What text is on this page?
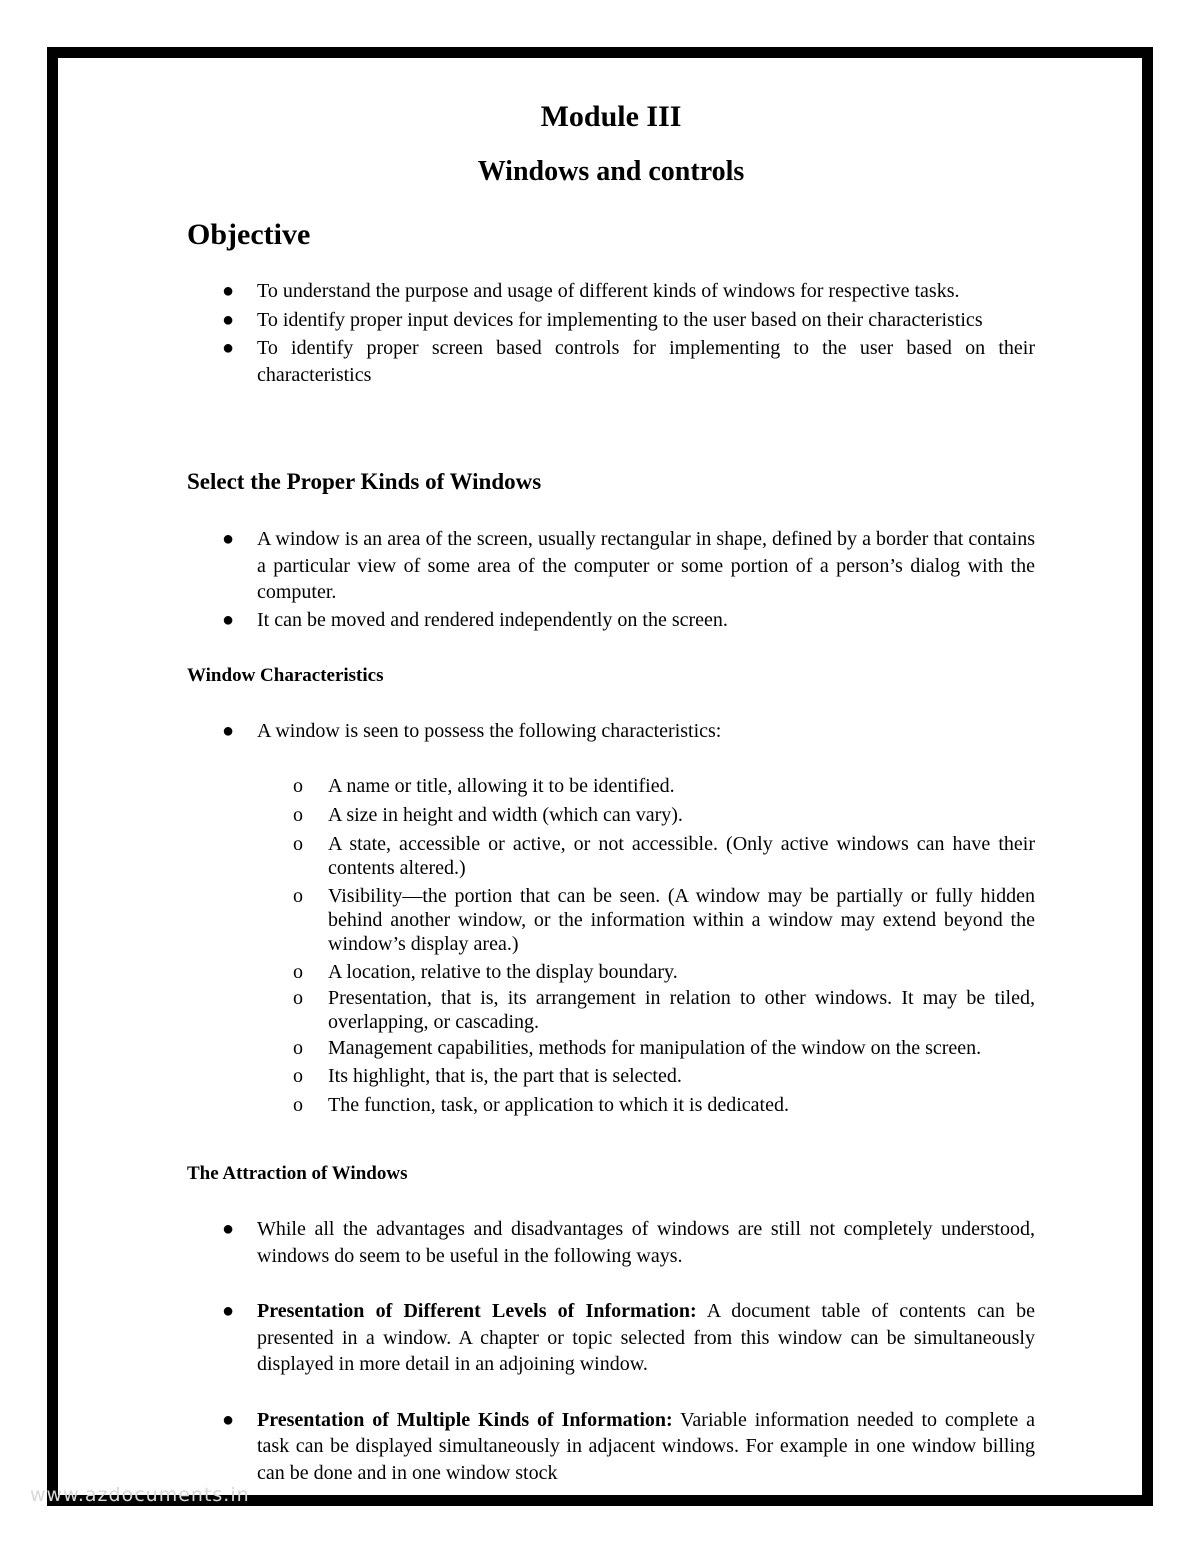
Module III
Windows and controls
Objective
● To understand the purpose and usage of different kinds of windows for respective tasks.
● To identify proper input devices for implementing to the user based on their characteristics
● To identify proper screen based controls for implementing to the user based on their characteristics
Select the Proper Kinds of Windows
● A window is an area of the screen, usually rectangular in shape, defined by a border that contains a particular view of some area of the computer or some portion of a person’s dialog with the computer.
● It can be moved and rendered independently on the screen.
Window Characteristics
● A window is seen to possess the following characteristics:
o A name or title, allowing it to be identified.
o A size in height and width (which can vary).
o A state, accessible or active, or not accessible. (Only active windows can have their contents altered.)
o Visibility—the portion that can be seen. (A window may be partially or fully hidden behind another window, or the information within a window may extend beyond the window’s display area.)
o A location, relative to the display boundary.
o Presentation, that is, its arrangement in relation to other windows. It may be tiled, overlapping, or cascading.
o Management capabilities, methods for manipulation of the window on the screen.
o Its highlight, that is, the part that is selected.
o The function, task, or application to which it is dedicated.
The Attraction of Windows
● While all the advantages and disadvantages of windows are still not completely understood, windows do seem to be useful in the following ways.
● Presentation of Different Levels of Information: A document table of contents can be presented in a window. A chapter or topic selected from this window can be simultaneously displayed in more detail in an adjoining window.
● Presentation of Multiple Kinds of Information: Variable information needed to complete a task can be displayed simultaneously in adjacent windows. For example in one window billing can be done and in one window stock
www.azdocuments.in
